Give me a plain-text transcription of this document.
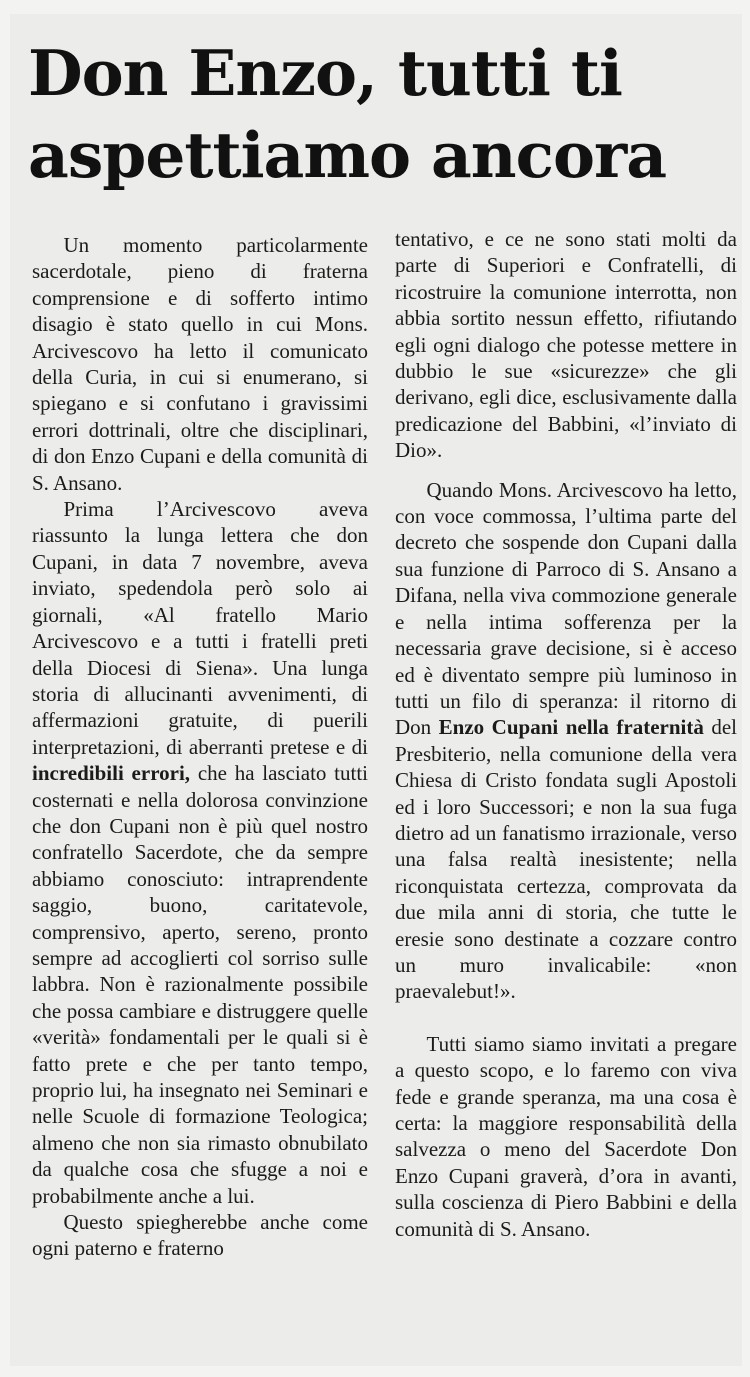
Don Enzo, tutti ti
aspettiamo ancora

Un momento particolarmente sacerdotale, pieno di fraterna comprensione e di sofferto intimo disagio è stato quello in cui Mons. Arcivescovo ha letto il comunicato della Curia, in cui si enumerano, si spiegano e si confutano i gravissimi errori dottrinali, oltre che disciplinari, di don Enzo Cupani e della comunità di S. Ansano.

Prima l’Arcivescovo aveva riassunto la lunga lettera che don Cupani, in data 7 novembre, aveva inviato, spedendola però solo ai giornali, «Al fratello Mario Arcivescovo e a tutti i fratelli preti della Diocesi di Siena». Una lunga storia di allucinanti avvenimenti, di affermazioni gratuite, di puerili interpretazioni, di aberranti pretese e di incredibili errori, che ha lasciato tutti costernati e nella dolorosa convinzione che don Cupani non è più quel nostro confratello Sacerdote, che da sempre abbiamo conosciuto: intraprendente saggio, buono, caritatevole, comprensivo, aperto, sereno, pronto sempre ad accoglierti col sorriso sulle labbra. Non è razionalmente possibile che possa cambiare e distruggere quelle «verità» fondamentali per le quali si è fatto prete e che per tanto tempo, proprio lui, ha insegnato nei Seminari e nelle Scuole di formazione Teologica; almeno che non sia rimasto obnubilato da qualche cosa che sfugge a noi e probabilmente anche a lui.

Questo spiegherebbe anche come ogni paterno e fraterno

tentativo, e ce ne sono stati molti da parte di Superiori e Confratelli, di ricostruire la comunione interrotta, non abbia sortito nessun effetto, rifiutando egli ogni dialogo che potesse mettere in dubbio le sue «sicurezze» che gli derivano, egli dice, esclusivamente dalla predicazione del Babbini, «l’inviato di Dio».

Quando Mons. Arcivescovo ha letto, con voce commossa, l’ultima parte del decreto che sospende don Cupani dalla sua funzione di Parroco di S. Ansano a Difana, nella viva commozione generale e nella intima sofferenza per la necessaria grave decisione, si è acceso ed è diventato sempre più luminoso in tutti un filo di speranza: il ritorno di Don Enzo Cupani nella fraternità del Presbiterio, nella comunione della vera Chiesa di Cristo fondata sugli Apostoli ed i loro Successori; e non la sua fuga dietro ad un fanatismo irrazionale, verso una falsa realtà inesistente; nella riconquistata certezza, comprovata da due mila anni di storia, che tutte le eresie sono destinate a cozzare contro un muro invalicabile: «non praevalebut!».

Tutti siamo siamo invitati a pregare a questo scopo, e lo faremo con viva fede e grande speranza, ma una cosa è certa: la maggiore responsabilità della salvezza o meno del Sacerdote Don Enzo Cupani graverà, d’ora in avanti, sulla coscienza di Piero Babbini e della comunità di S. Ansano.
